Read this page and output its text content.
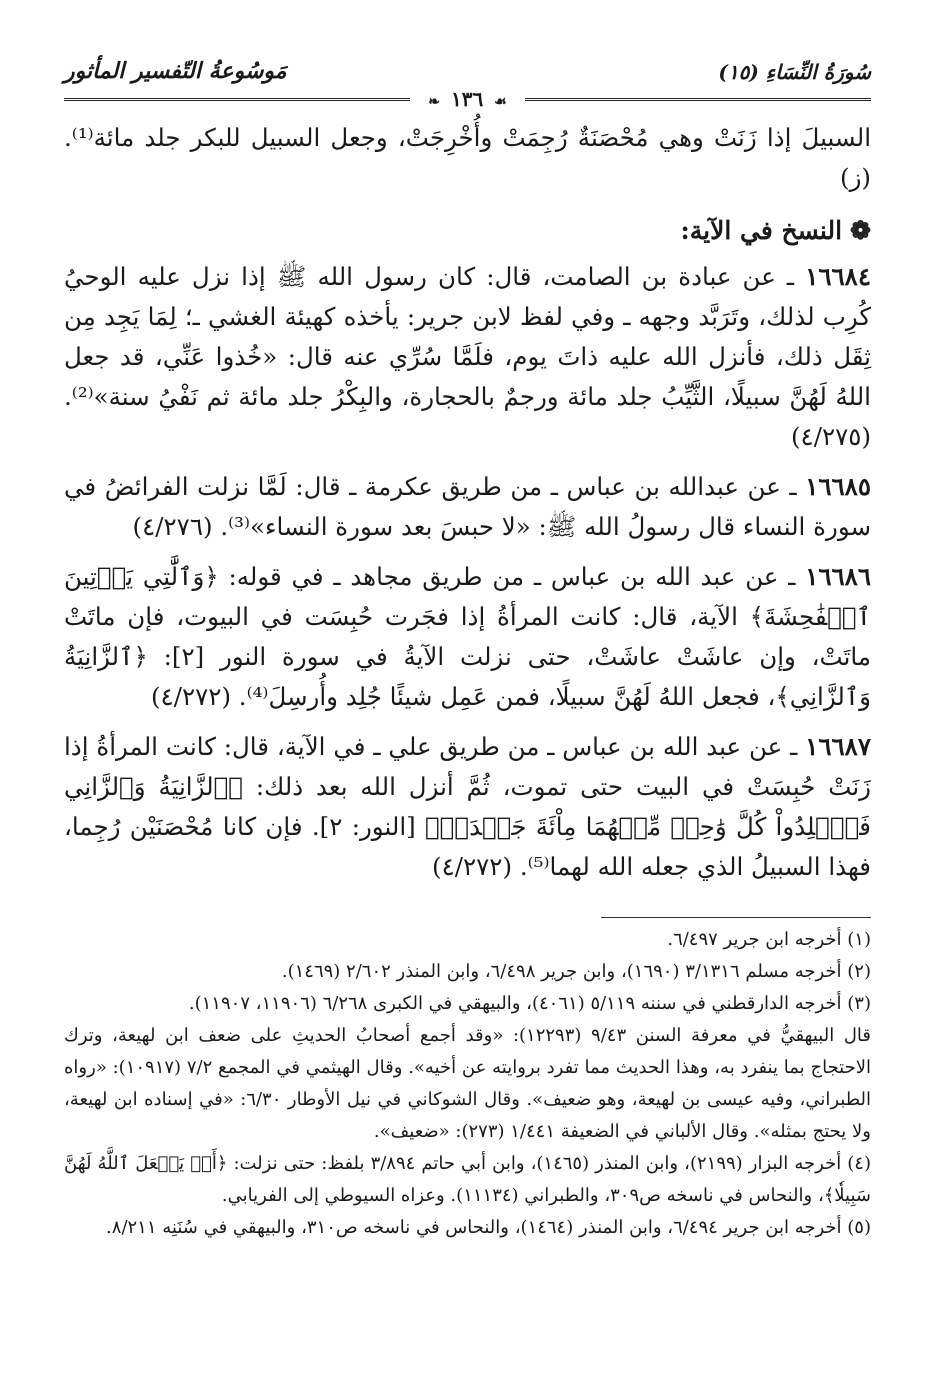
مَوسُوعةُ التّفسير المأثور	سُورَةُ النِّسَاءِ (١٥)
❧ ١٣٦ ☙

السبيلَ إذا زَنَتْ وهي مُحْصَنَةٌ رُجِمَتْ وأُخْرِجَتْ، وجعل السبيل للبكر جلد مائة⁽¹⁾. (ز)

❁النسخ في الآية:

١٦٦٨٤ ـ عن عبادة بن الصامت، قال: كان رسول الله ﷺ إذا نزل عليه الوحيُ كُرِب لذلك، وتَرَبَّد وجهه ـ وفي لفظ لابن جرير: يأخذه كهيئة الغشي ـ؛ لِمَا يَجِد مِن ثِقَل ذلك، فأنزل الله عليه ذاتَ يوم، فلَمَّا سُرِّي عنه قال: «خُذوا عَنِّي، قد جعل اللهُ لَهُنَّ سبيلًا، الثَّيِّبُ جلد مائة ورجمٌ بالحجارة، والبِكْرُ جلد مائة ثم نَفْيُ سنة»⁽²⁾. (٤/٢٧٥)

١٦٦٨٥ ـ عن عبدالله بن عباس ـ من طريق عكرمة ـ قال: لَمَّا نزلت الفرائضُ في سورة النساء قال رسولُ الله ﷺ: «لا حبسَ بعد سورة النساء»⁽³⁾. (٤/٢٧٦)

١٦٦٨٦ ـ عن عبد الله بن عباس ـ من طريق مجاهد ـ في قوله: ﴿وَٱلَّٰتِي يَأۡتِينَ ٱلۡفَٰحِشَةَ﴾ الآية، قال: كانت المرأةُ إذا فجَرت حُبِسَت في البيوت، فإن ماتَتْ ماتَتْ، وإن عاشَتْ عاشَتْ، حتى نزلت الآيةُ في سورة النور [٢]: ﴿ٱلزَّانِيَةُ وَٱلزَّانِي﴾، فجعل اللهُ لَهُنَّ سبيلًا، فمن عَمِل شيئًا جُلِد وأُرسِلَ⁽⁴⁾. (٤/٢٧٢)

١٦٦٨٧ ـ عن عبد الله بن عباس ـ من طريق علي ـ في الآية، قال: كانت المرأةُ إذا زَنَتْ حُبِسَتْ في البيت حتى تموت، ثُمَّ أنزل الله بعد ذلك: ﴿ٱلزَّانِيَةُ وَٱلزَّانِي فَٱجۡلِدُواْ كُلَّ وَٰحِدٖ مِّنۡهُمَا مِاْئَةَ جَلۡدَةٖ﴾ [النور: ٢]. فإن كانا مُحْصَنَيْن رُجِما، فهذا السبيلُ الذي جعله الله لهما⁽⁵⁾. (٤/٢٧٢)

(١) أخرجه ابن جرير ٦/٤٩٧.

(٢) أخرجه مسلم ٣/١٣١٦ (١٦٩٠)، وابن جرير ٦/٤٩٨، وابن المنذر ٢/٦٠٢ (١٤٦٩).

(٣) أخرجه الدارقطني في سننه ٥/١١٩ (٤٠٦١)، والبيهقي في الكبرى ٦/٢٦٨ (١١٩٠٦، ١١٩٠٧).

قال البيهقيُّ في معرفة السنن ٩/٤٣ (١٢٢٩٣): «وقد أجمع أصحابُ الحديثِ على ضعف ابن لهيعة، وترك الاحتجاج بما ينفرد به، وهذا الحديث مما تفرد بروايته عن أخيه». وقال الهيثمي في المجمع ٧/٢ (١٠٩١٧): «رواه الطبراني، وفيه عيسى بن لهيعة، وهو ضعيف». وقال الشوكاني في نيل الأوطار ٦/٣٠: «في إسناده ابن لهيعة، ولا يحتج بمثله». وقال الألباني في الضعيفة ١/٤٤١ (٢٧٣): «ضعيف».

(٤) أخرجه البزار (٢١٩٩)، وابن المنذر (١٤٦٥)، وابن أبي حاتم ٣/٨٩٤ بلفظ: حتى نزلت: ﴿أَوۡ يَجۡعَلَ ٱللَّهُ لَهُنَّ سَبِيلٗا﴾، والنحاس في ناسخه ص٣٠٩، والطبراني (١١١٣٤). وعزاه السيوطي إلى الفريابي.

(٥) أخرجه ابن جرير ٦/٤٩٤، وابن المنذر (١٤٦٤)، والنحاس في ناسخه ص٣١٠، والبيهقي في سُنَنِه ٨/٢١١.
